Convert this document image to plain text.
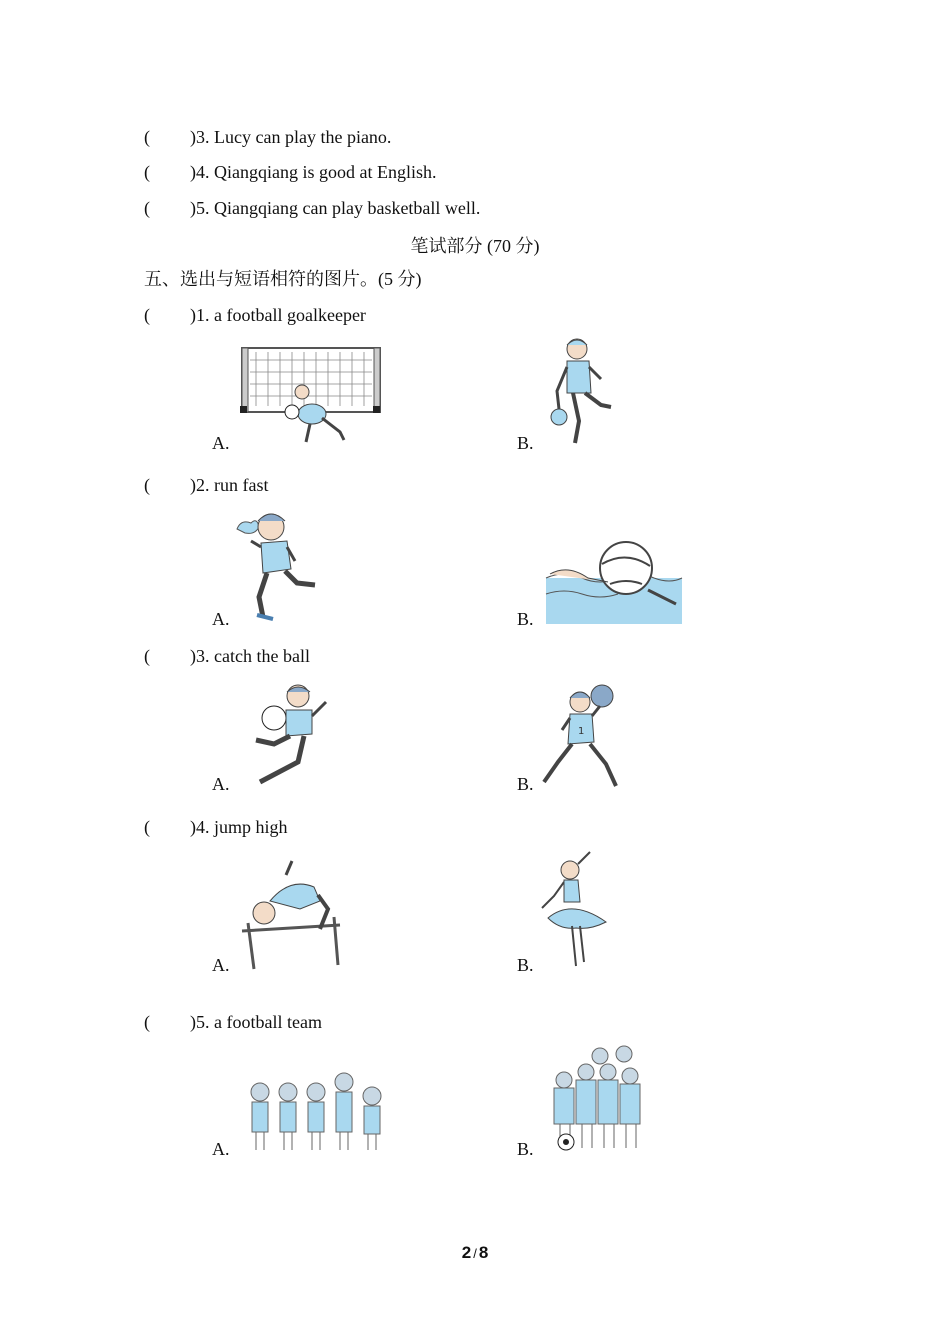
( )3. Lucy can play the piano.
( )4. Qiangqiang is good at English.
( )5. Qiangqiang can play basketball well.
笔试部分 (70 分)
五、选出与短语相符的图片。(5 分)
( )1. a football goalkeeper
A.	B.
( )2. run fast
A.	B.
( )3. catch the ball
A.	B.
1
( )4. jump high
A.	B.
( )5. a football team
A.	B.
2 / 8
